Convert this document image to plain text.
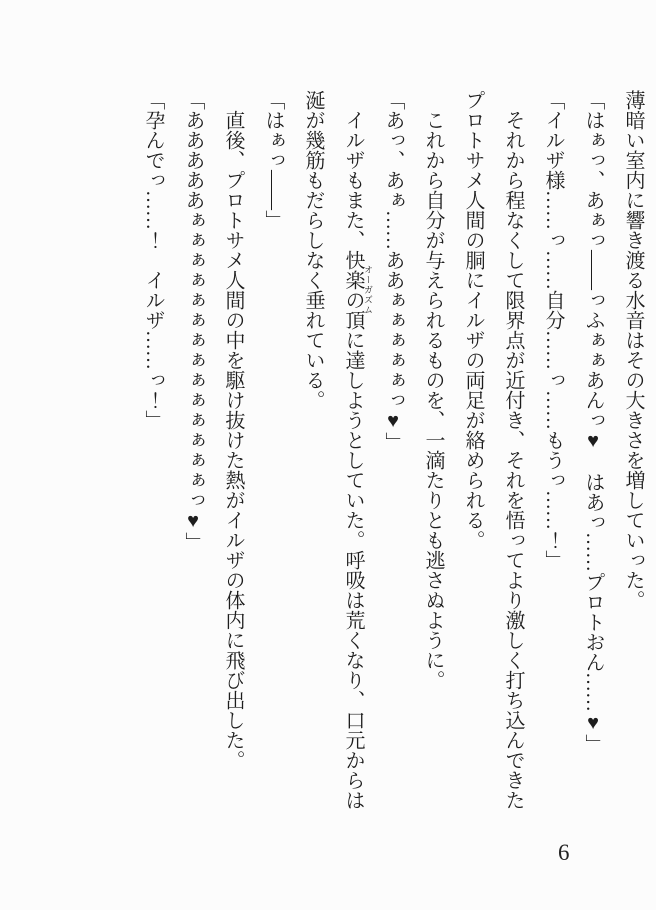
薄暗い室内に響き渡る水音はその大きさを増していった。

「はぁっ、あぁっ――っふぁぁあんっ♥　はあっ……プロトおん……♥」

「イルザ様……っ……自分……っ……もうっ……！」

　それから程なくして限界点が近付き、それを悟ってより激しく打ち込んできたプロトサメ人間の胴にイルザの両足が絡められる。

　これから自分が与えられるものを、一滴たりとも逃さぬように。

「あっ、あぁ……ああぁぁぁぁぁっ♥」

　イルザもまた、快楽の頂 オーガズムに達しようとしていた。呼吸は荒くなり、口元からは涎が幾筋もだらしなく垂れている。

「はぁっ――」

　直後、プロトサメ人間の中を駆け抜けた熱がイルザの体内に飛び出した。

「あああああぁぁぁぁぁぁぁぁぁぁぁぁぁぁっ♥」

「孕んでっ……！　イルザ……っ！」

6
